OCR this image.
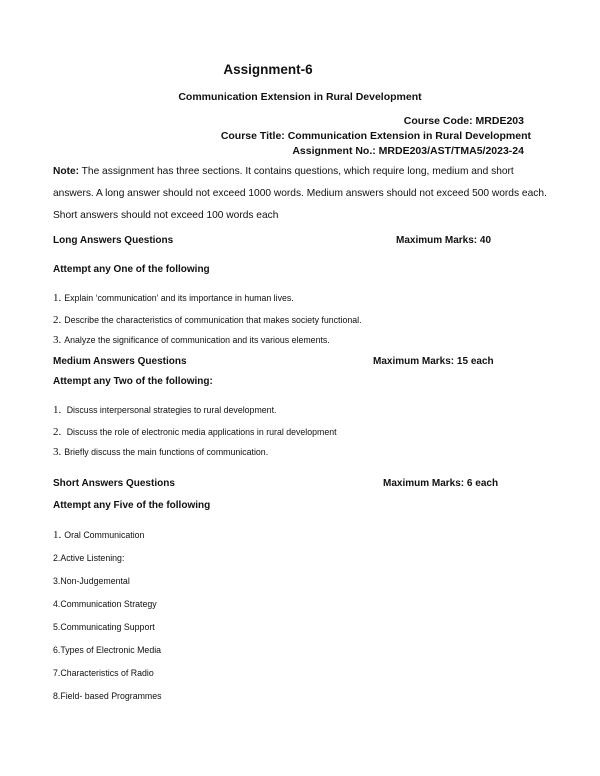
Assignment-6
Communication Extension in Rural Development
Course Code: MRDE203
Course Title: Communication Extension in Rural Development
Assignment No.: MRDE203/AST/TMA5/2023-24
Note: The assignment has three sections. It contains questions, which require long, medium and short answers. A long answer should not exceed 1000 words. Medium answers should not exceed 500 words each. Short answers should not exceed 100 words each
Long Answers Questions	Maximum Marks: 40
Attempt any One of the following
1. Explain ‘communication’ and its importance in human lives.
2. Describe the characteristics of communication that makes society functional.
3. Analyze the significance of communication and its various elements.
Medium Answers Questions	Maximum Marks: 15 each
Attempt any Two of the following:
1. Discuss interpersonal strategies to rural development.
2. Discuss the role of electronic media applications in rural development
3. Briefly discuss the main functions of communication.
Short Answers Questions	Maximum Marks: 6 each
Attempt any Five of the following
1. Oral Communication
2.Active Listening:
3.Non-Judgemental
4.Communication Strategy
5.Communicating Support
6.Types of Electronic Media
7.Characteristics of Radio
8.Field- based Programmes
